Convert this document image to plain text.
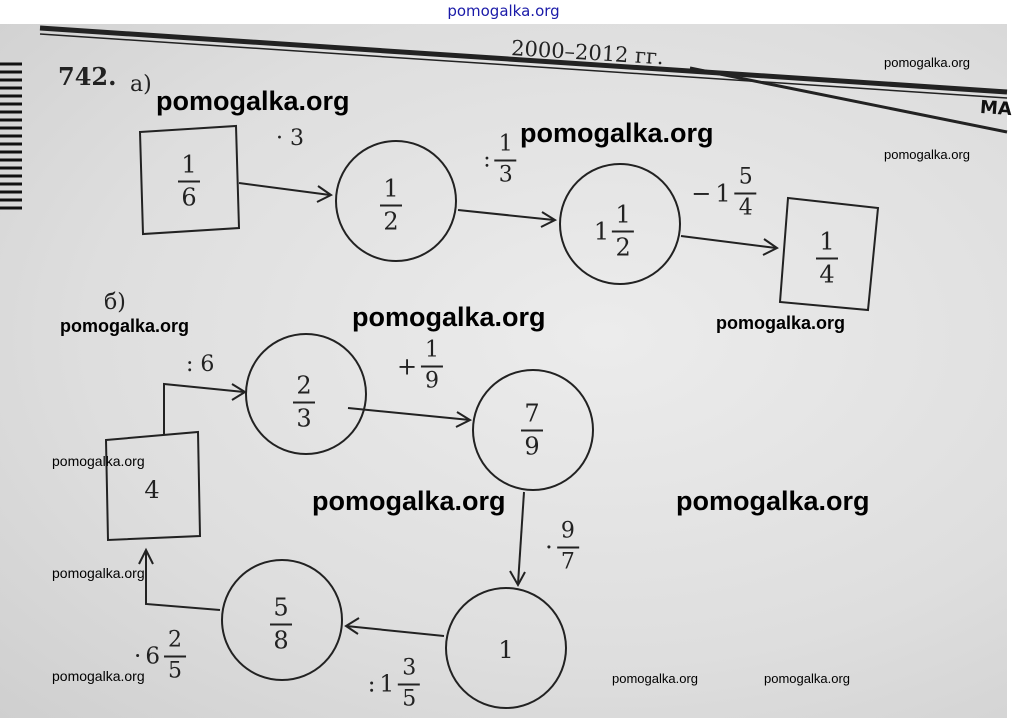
pomogalka.org
2000–2012 гг.
МА
742. а)
б)
1
6
· 3
1
2
: $\frac{1}{3}$
$1 \frac{1}{2}$
− $1 \frac{5}{4}$
1
4
4
: 6
2
3
+ $\frac{1}{9}$
7
9
· $\frac{9}{7}$
1
: $1 \frac{3}{5}$
5
8
· $6 \frac{2}{5}$
pomogalka.org
pomogalka.org
pomogalka.org
pomogalka.org	pomogalka.org
pomogalka.org	pomogalka.org
pomogalka.org
pomogalka.org
pomogalka.org
pomogalka.org
pomogalka.org	pomogalka.org	pomogalka.org
